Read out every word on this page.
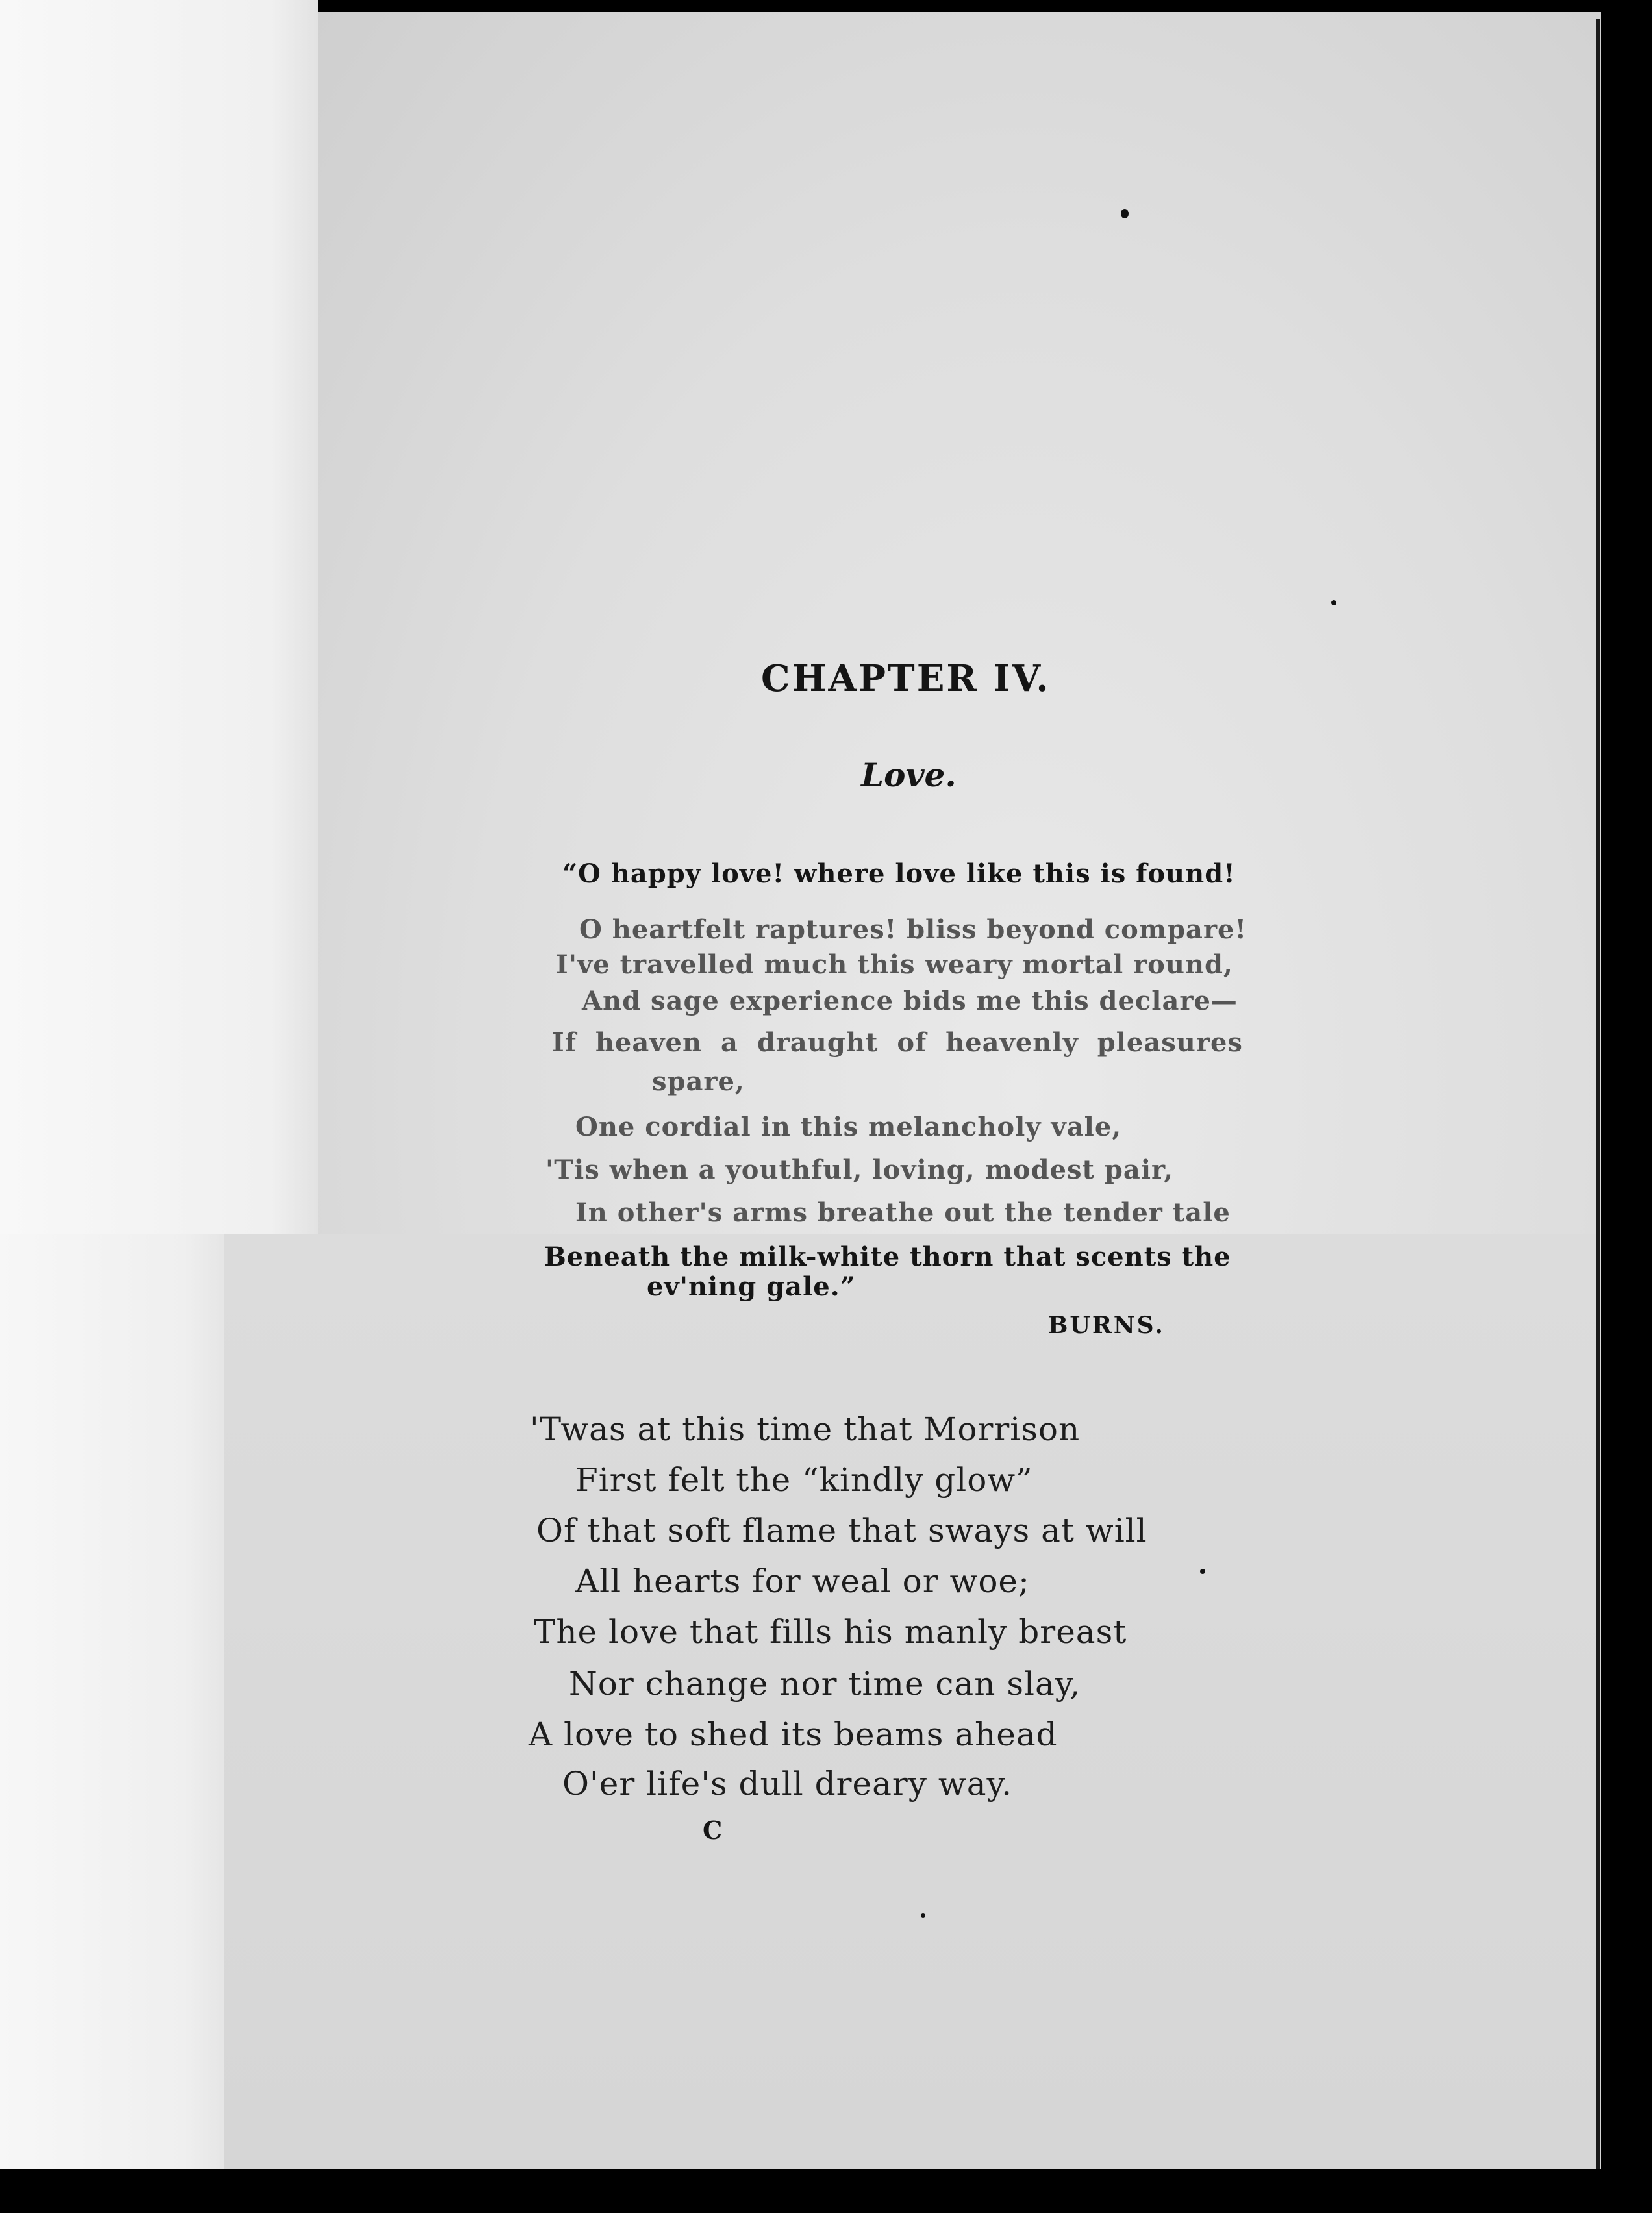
CHAPTER IV.
Love.
“O happy love! where love like this is found!
O heartfelt raptures! bliss beyond compare!
I've travelled much this weary mortal round,
And sage experience bids me this declare—
If heaven a draught of heavenly pleasures
spare,
One cordial in this melancholy vale,
'Tis when a youthful, loving, modest pair,
In other's arms breathe out the tender tale
Beneath the milk-white thorn that scents the
ev'ning gale.”
BURNS.
'Twas at this time that Morrison
First felt the “kindly glow”
Of that soft flame that sways at will
All hearts for weal or woe;
The love that fills his manly breast
Nor change nor time can slay,
A love to shed its beams ahead
O'er life's dull dreary way.
C
